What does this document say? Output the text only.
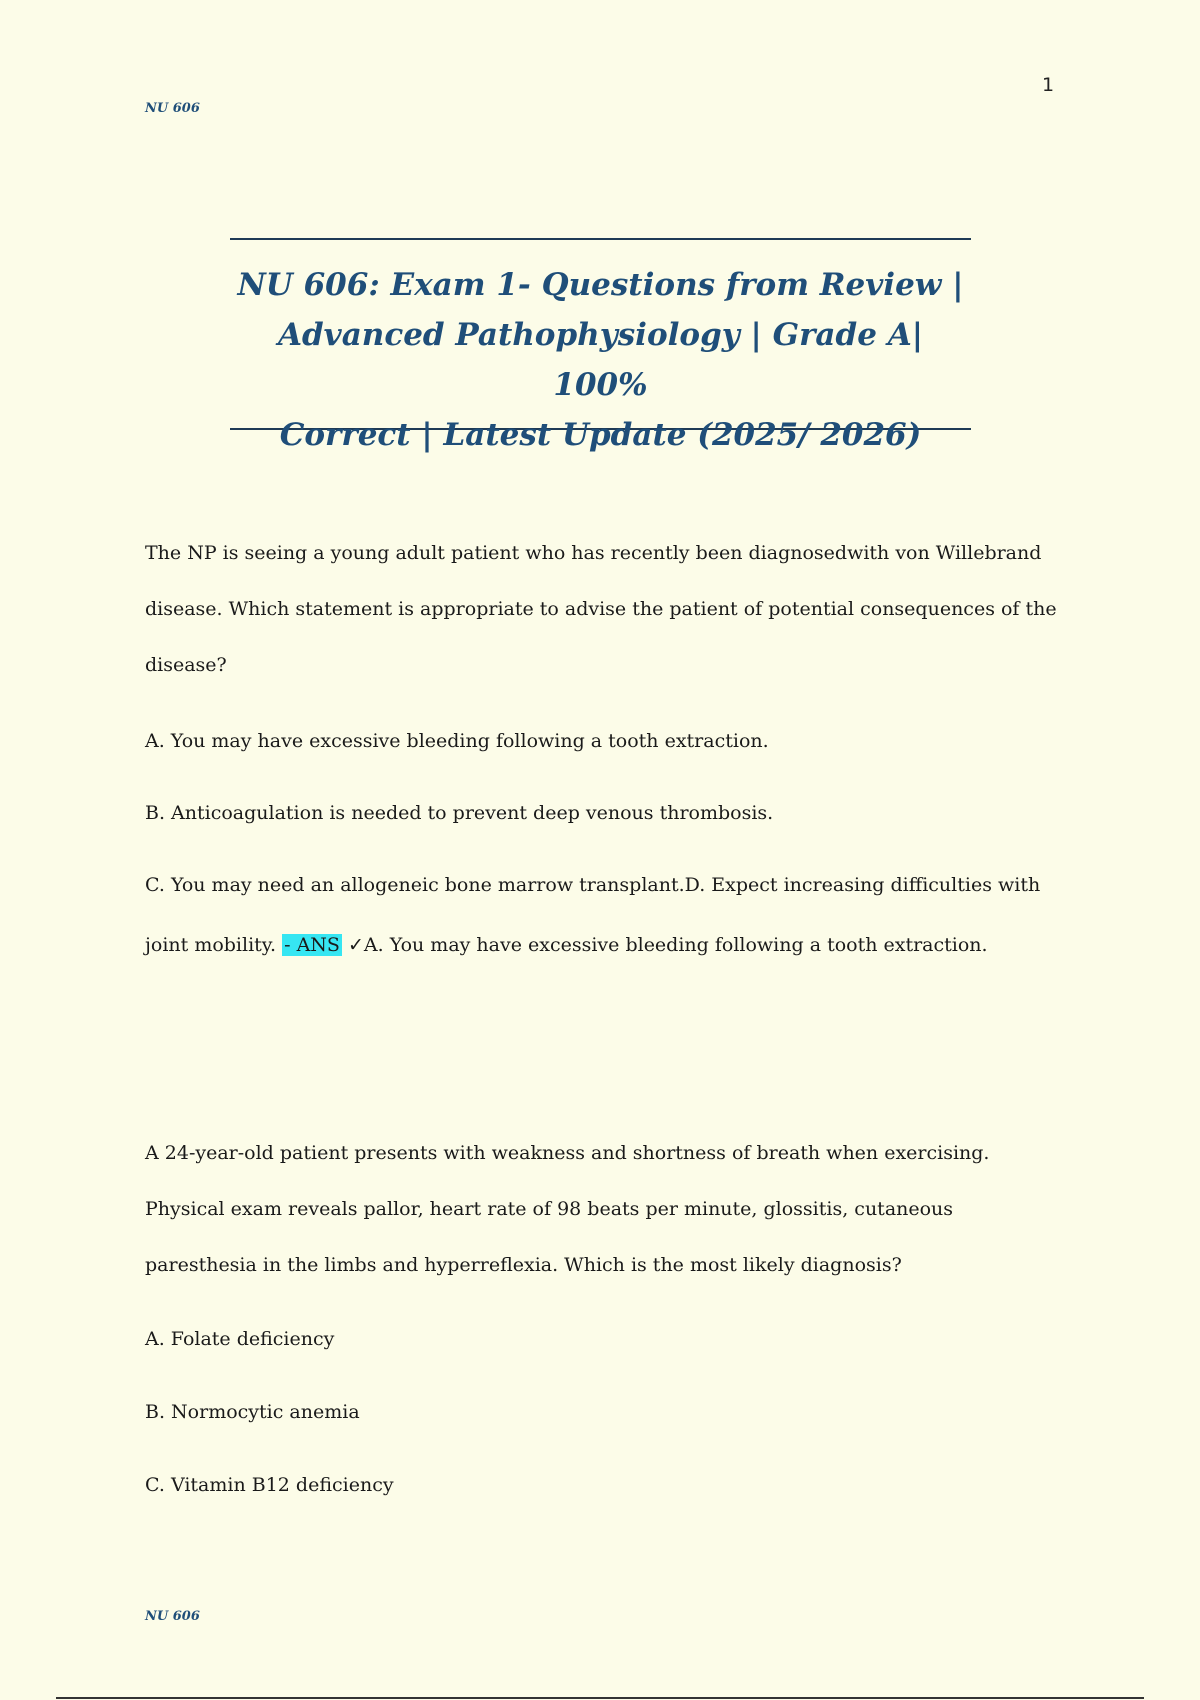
1
NU 606
NU 606: Exam 1- Questions from Review |
Advanced Pathophysiology | Grade A| 100%
Correct | Latest Update (2025/ 2026)

The NP is seeing a young adult patient who has recently been diagnosedwith von Willebrand disease. Which statement is appropriate to advise the patient of potential consequences of the disease?

A. You may have excessive bleeding following a tooth extraction.

B. Anticoagulation is needed to prevent deep venous thrombosis.

C. You may need an allogeneic bone marrow transplant.D. Expect increasing difficulties with joint mobility. - ANS ✓A. You may have excessive bleeding following a tooth extraction.

A 24-year-old patient presents with weakness and shortness of breath when exercising. Physical exam reveals pallor, heart rate of 98 beats per minute, glossitis, cutaneous paresthesia in the limbs and hyperreflexia. Which is the most likely diagnosis?

A. Folate deficiency

B. Normocytic anemia

C. Vitamin B12 deficiency

NU 606
